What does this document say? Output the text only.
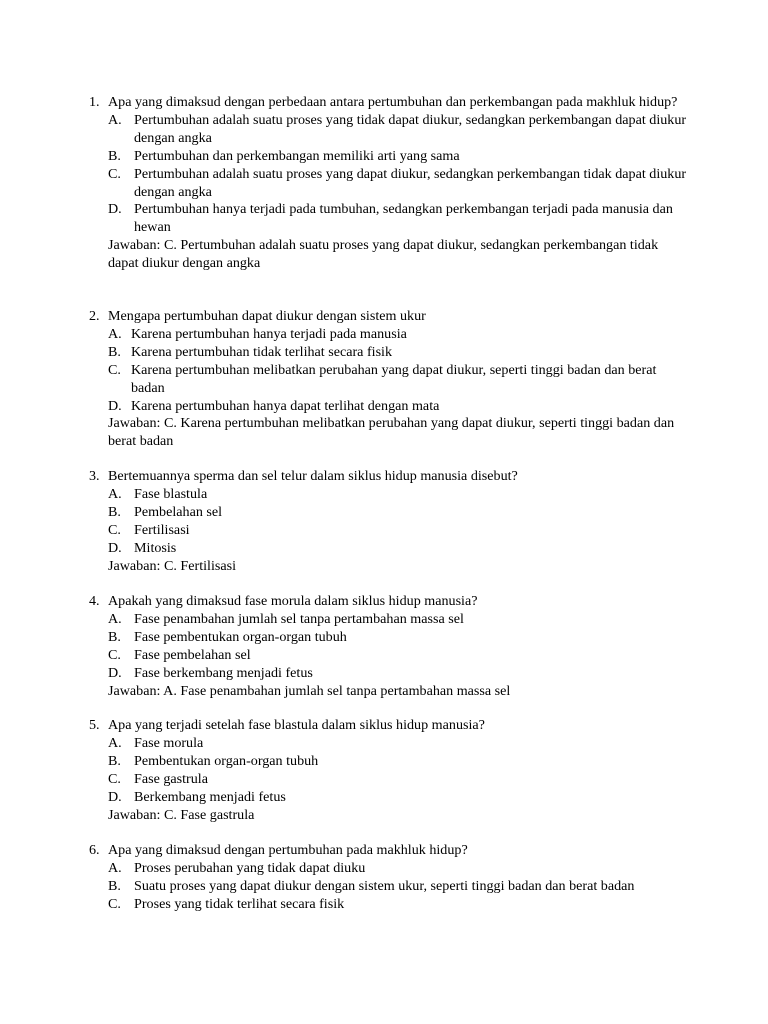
1. Apa yang dimaksud dengan perbedaan antara pertumbuhan dan perkembangan pada makhluk hidup?
A. Pertumbuhan adalah suatu proses yang tidak dapat diukur, sedangkan perkembangan dapat diukur dengan angka
B. Pertumbuhan dan perkembangan memiliki arti yang sama
C. Pertumbuhan adalah suatu proses yang dapat diukur, sedangkan perkembangan tidak dapat diukur dengan angka
D. Pertumbuhan hanya terjadi pada tumbuhan, sedangkan perkembangan terjadi pada manusia dan hewan
Jawaban: C. Pertumbuhan adalah suatu proses yang dapat diukur, sedangkan perkembangan tidak dapat diukur dengan angka
2. Mengapa pertumbuhan dapat diukur dengan sistem ukur
A. Karena pertumbuhan hanya terjadi pada manusia
B. Karena pertumbuhan tidak terlihat secara fisik
C. Karena pertumbuhan melibatkan perubahan yang dapat diukur, seperti tinggi badan dan berat badan
D. Karena pertumbuhan hanya dapat terlihat dengan mata
Jawaban: C. Karena pertumbuhan melibatkan perubahan yang dapat diukur, seperti tinggi badan dan berat badan
3. Bertemuannya sperma dan sel telur dalam siklus hidup manusia disebut?
A. Fase blastula
B. Pembelahan sel
C. Fertilisasi
D. Mitosis
Jawaban: C. Fertilisasi
4. Apakah yang dimaksud fase morula dalam siklus hidup manusia?
A. Fase penambahan jumlah sel tanpa pertambahan massa sel
B. Fase pembentukan organ-organ tubuh
C. Fase pembelahan sel
D. Fase berkembang menjadi fetus
Jawaban: A. Fase penambahan jumlah sel tanpa pertambahan massa sel
5. Apa yang terjadi setelah fase blastula dalam siklus hidup manusia?
A. Fase morula
B. Pembentukan organ-organ tubuh
C. Fase gastrula
D. Berkembang menjadi fetus
Jawaban: C. Fase gastrula
6. Apa yang dimaksud dengan pertumbuhan pada makhluk hidup?
A. Proses perubahan yang tidak dapat diuku
B. Suatu proses yang dapat diukur dengan sistem ukur, seperti tinggi badan dan berat badan
C. Proses yang tidak terlihat secara fisik
